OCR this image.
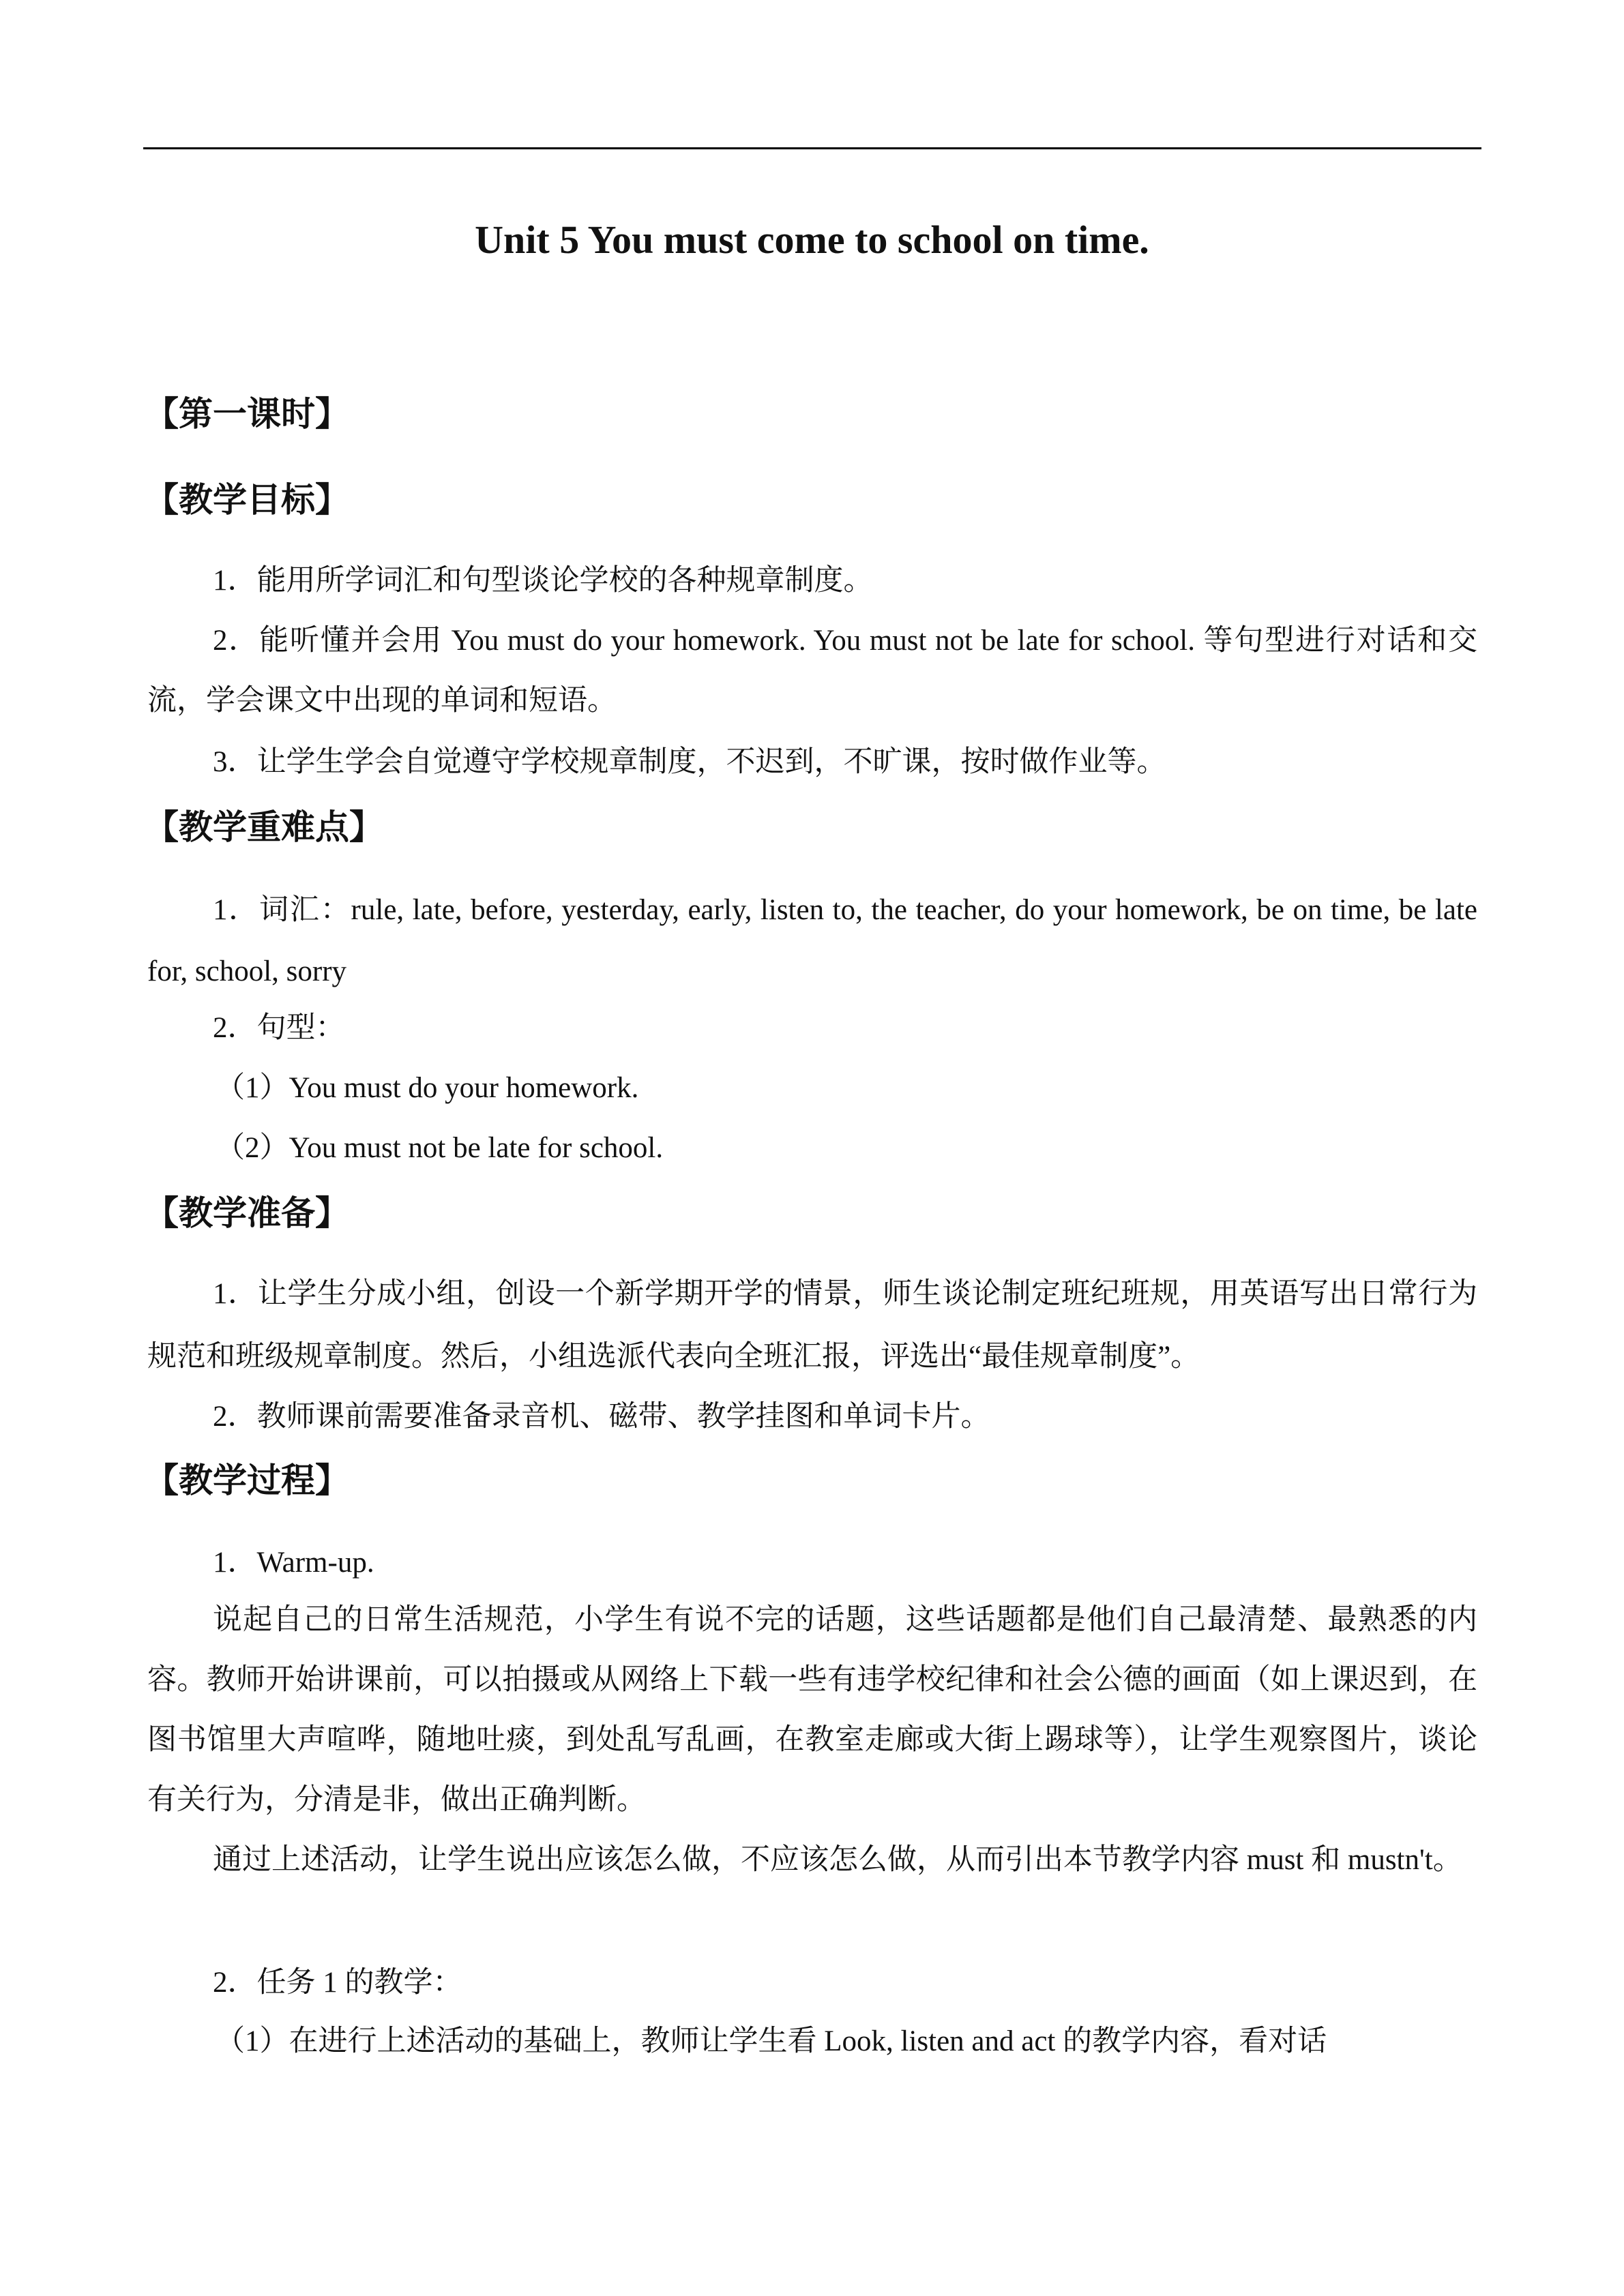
Unit 5 You must come to school on time.
【第一课时】
【教学目标】
1．能用所学词汇和句型谈论学校的各种规章制度。
2．能听懂并会用 You must do your homework. You must not be late for school. 等句型进行对话和交流，学会课文中出现的单词和短语。
3．让学生学会自觉遵守学校规章制度，不迟到，不旷课，按时做作业等。
【教学重难点】
1．词汇：rule, late, before, yesterday, early, listen to, the teacher, do your homework, be on time, be late for, school, sorry
2．句型：
（1）You must do your homework.
（2）You must not be late for school.
【教学准备】
1．让学生分成小组，创设一个新学期开学的情景，师生谈论制定班纪班规，用英语写出日常行为规范和班级规章制度。然后，小组选派代表向全班汇报，评选出“最佳规章制度”。
2．教师课前需要准备录音机、磁带、教学挂图和单词卡片。
【教学过程】
1．Warm-up.
说起自己的日常生活规范，小学生有说不完的话题，这些话题都是他们自己最清楚、最熟悉的内容。教师开始讲课前，可以拍摄或从网络上下载一些有违学校纪律和社会公德的画面（如上课迟到，在图书馆里大声喧哗，随地吐痰，到处乱写乱画，在教室走廊或大街上踢球等），让学生观察图片，谈论有关行为，分清是非，做出正确判断。
通过上述活动，让学生说出应该怎么做，不应该怎么做，从而引出本节教学内容 must 和 mustn't。
2．任务 1 的教学：
（1）在进行上述活动的基础上，教师让学生看 Look, listen and act 的教学内容，看对话
